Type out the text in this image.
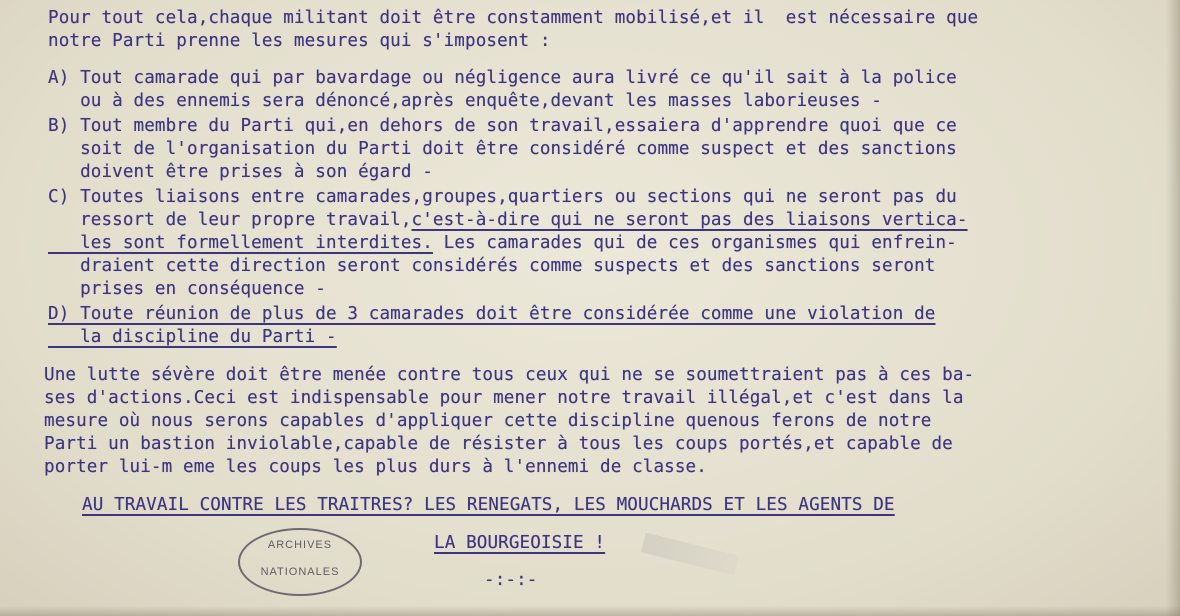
Pour tout cela,chaque militant doit être constamment mobilisé,et il  est nécessaire que

notre Parti prenne les mesures qui s'imposent :

A) Tout camarade qui par bavardage ou négligence aura livré ce qu'il sait à la police

ou à des ennemis sera dénoncé,après enquête,devant les masses laborieuses -

B) Tout membre du Parti qui,en dehors de son travail,essaiera d'apprendre quoi que ce

soit de l'organisation du Parti doit être considéré comme suspect et des sanctions

doivent être prises à son égard -

C) Toutes liaisons entre camarades,groupes,quartiers ou sections qui ne seront pas du

ressort de leur propre travail,c'est-à-dire qui ne seront pas des liaisons vertica-

les sont formellement interdites. Les camarades qui de ces organismes qui enfrein-

draient cette direction seront considérés comme suspects et des sanctions seront

prises en conséquence -

D) Toute réunion de plus de 3 camarades doit être considérée comme une violation de

la discipline du Parti -

Une lutte sévère doit être menée contre tous ceux qui ne se soumettraient pas à ces ba-

ses d'actions.Ceci est indispensable pour mener notre travail illégal,et c'est dans la

mesure où nous serons capables d'appliquer cette discipline quenous ferons de notre

Parti un bastion inviolable,capable de résister à tous les coups portés,et capable de

porter lui-m eme les coups les plus durs à l'ennemi de classe.

AU TRAVAIL CONTRE LES TRAITRES? LES RENEGATS, LES MOUCHARDS ET LES AGENTS DE

LA BOURGEOISIE !

-:-:-

ARCHIVES
NATIONALES
